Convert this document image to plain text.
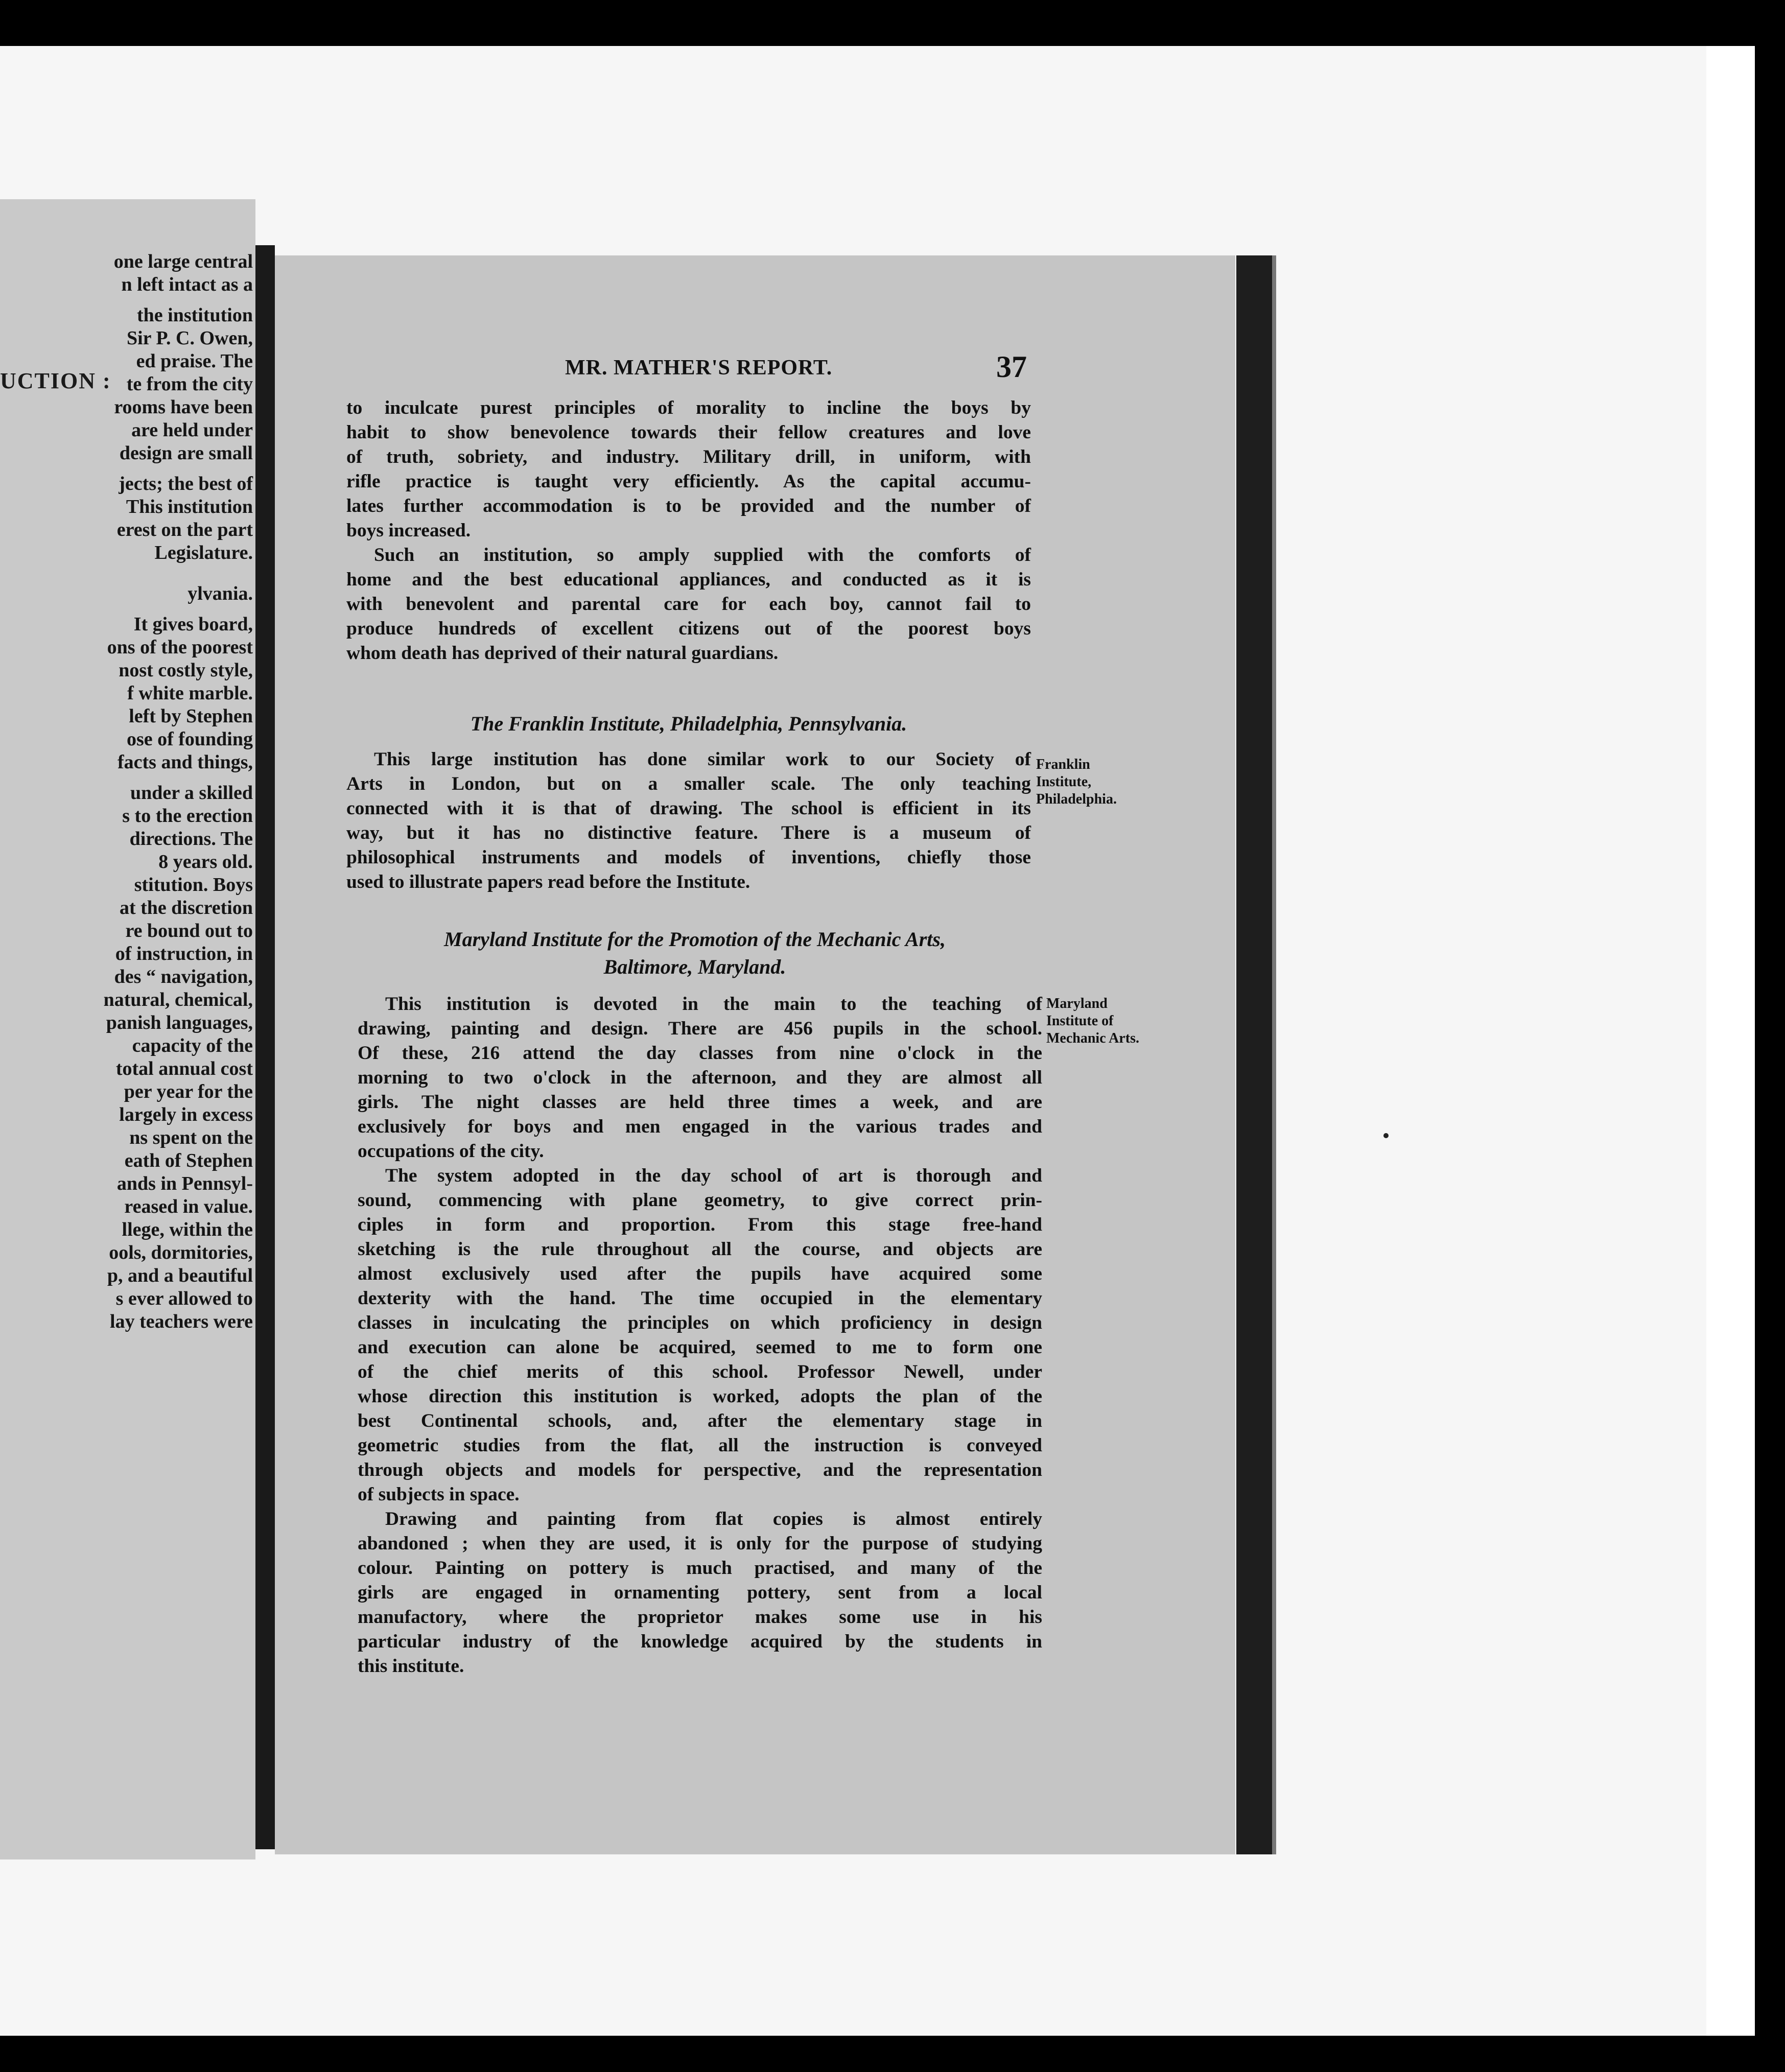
UCTION :
one large central
n left intact as a
the institution
Sir P. C. Owen,
ed praise. The
te from the city
rooms have been
are held under
design are small
jects; the best of
This institution
erest on the part
Legislature.
ylvania.
It gives board,
ons of the poorest
nost costly style,
f white marble.
left by Stephen
ose of founding
facts and things,
under a skilled
s to the erection
directions. The
8 years old.
stitution. Boys
at the discretion
re bound out to
of instruction, in
des “ navigation,
natural, chemical,
panish languages,
capacity of the
total annual cost
per year for the
largely in excess
ns spent on the
eath of Stephen
ands in Pennsyl-
reased in value.
llege, within the
ools, dormitories,
p, and a beautiful
s ever allowed to
lay teachers were
MR. MATHER'S REPORT.	37

to inculcate purest principles of morality to incline the boys by

habit to show benevolence towards their fellow creatures and love

of truth, sobriety, and industry. Military drill, in uniform, with

rifle practice is taught very efficiently. As the capital accumu-

lates further accommodation is to be provided and the number of

boys increased.

Such an institution, so amply supplied with the comforts of

home and the best educational appliances, and conducted as it is

with benevolent and parental care for each boy, cannot fail to

produce hundreds of excellent citizens out of the poorest boys

whom death has deprived of their natural guardians.

The Franklin Institute, Philadelphia, Pennsylvania.

This large institution has done similar work to our Society of

Arts in London, but on a smaller scale. The only teaching

connected with it is that of drawing. The school is efficient in its

way, but it has no distinctive feature. There is a museum of

philosophical instruments and models of inventions, chiefly those

used to illustrate papers read before the Institute.

Franklin
Institute,
Philadelphia.
Maryland Institute for the Promotion of the Mechanic Arts,
Baltimore, Maryland.

This institution is devoted in the main to the teaching of

drawing, painting and design. There are 456 pupils in the school.

Of these, 216 attend the day classes from nine o'clock in the

morning to two o'clock in the afternoon, and they are almost all

girls. The night classes are held three times a week, and are

exclusively for boys and men engaged in the various trades and

occupations of the city.

The system adopted in the day school of art is thorough and

sound, commencing with plane geometry, to give correct prin-

ciples in form and proportion. From this stage free-hand

sketching is the rule throughout all the course, and objects are

almost exclusively used after the pupils have acquired some

dexterity with the hand. The time occupied in the elementary

classes in inculcating the principles on which proficiency in design

and execution can alone be acquired, seemed to me to form one

of the chief merits of this school. Professor Newell, under

whose direction this institution is worked, adopts the plan of the

best Continental schools, and, after the elementary stage in

geometric studies from the flat, all the instruction is conveyed

through objects and models for perspective, and the representation

of subjects in space.

Drawing and painting from flat copies is almost entirely

abandoned ; when they are used, it is only for the purpose of studying

colour. Painting on pottery is much practised, and many of the

girls are engaged in ornamenting pottery, sent from a local

manufactory, where the proprietor makes some use in his

particular industry of the knowledge acquired by the students in

this institute.

Maryland
Institute of
Mechanic Arts.
